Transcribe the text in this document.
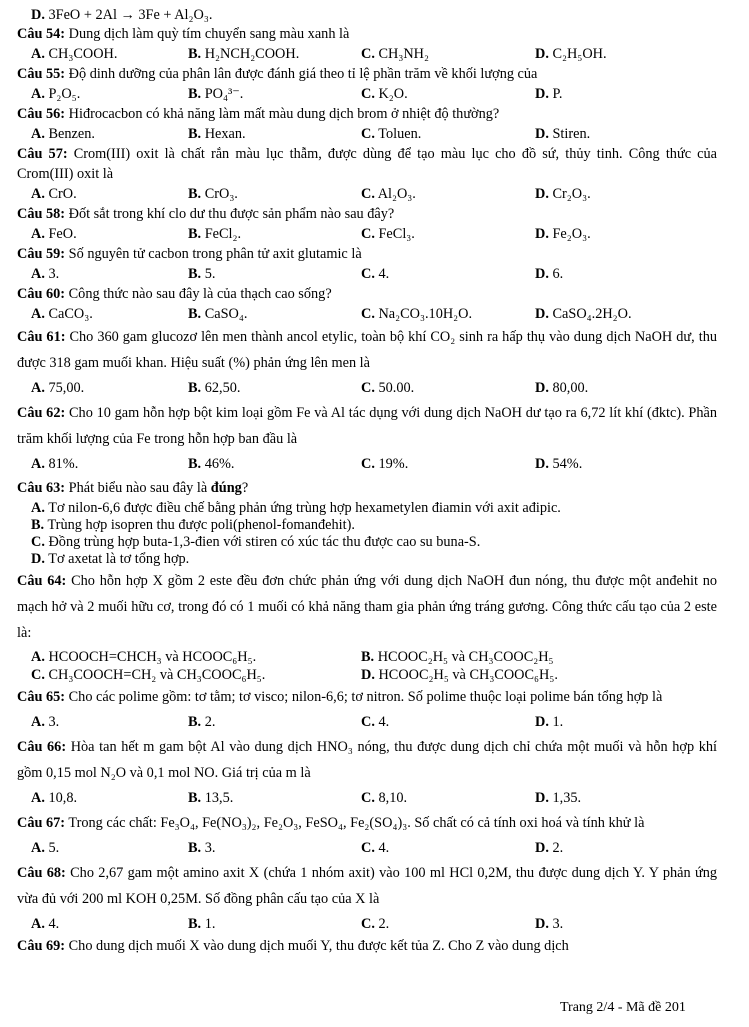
D. 3FeO + 2Al → 3Fe + Al₂O₃.
Câu 54: Dung dịch làm quỳ tím chuyển sang màu xanh là
A. CH₃COOH.	B. H₂NCH₂COOH.	C. CH₃NH₂	D. C₂H₅OH.
Câu 55: Độ dinh dưỡng của phân lân được đánh giá theo tỉ lệ phần trăm về khối lượng của
A. P₂O₅.	B. PO₄³⁻.	C. K₂O.	D. P.
Câu 56: Hiđrocacbon có khả năng làm mất màu dung dịch brom ở nhiệt độ thường?
A. Benzen.	B. Hexan.	C. Toluen.	D. Stiren.
Câu 57: Crom(III) oxit là chất rắn màu lục thẫm, được dùng để tạo màu lục cho đồ sứ, thủy tinh. Công thức của Crom(III) oxit là
A. CrO.	B. CrO₃.	C. Al₂O₃.	D. Cr₂O₃.
Câu 58: Đốt sắt trong khí clo dư thu được sản phẩm nào sau đây?
A. FeO.	B. FeCl₂.	C. FeCl₃.	D. Fe₂O₃.
Câu 59: Số nguyên tử cacbon trong phân tử axit glutamic là
A. 3.	B. 5.	C. 4.	D. 6.
Câu 60: Công thức nào sau đây là của thạch cao sống?
A. CaCO₃.	B. CaSO₄.	C. Na₂CO₃.10H₂O.	D. CaSO₄.2H₂O.
Câu 61: Cho 360 gam glucozơ lên men thành ancol etylic, toàn bộ khí CO₂ sinh ra hấp thụ vào dung dịch NaOH dư, thu được 318 gam muối khan. Hiệu suất (%) phản ứng lên men là
A. 75,00.	B. 62,50.	C. 50.00.	D. 80,00.
Câu 62: Cho 10 gam hỗn hợp bột kim loại gồm Fe và Al tác dụng với dung dịch NaOH dư tạo ra 6,72 lít khí (đktc). Phần trăm khối lượng của Fe trong hỗn hợp ban đầu là
A. 81%.	B. 46%.	C. 19%.	D. 54%.
Câu 63: Phát biểu nào sau đây là đúng?
A. Tơ nilon-6,6 được điều chế bằng phản ứng trùng hợp hexametylen điamin với axit ađipic.
B. Trùng hợp isopren thu được poli(phenol-fomanđehit).
C. Đồng trùng hợp buta-1,3-đien với stiren có xúc tác thu được cao su buna-S.
D. Tơ axetat là tơ tổng hợp.
Câu 64: Cho hỗn hợp X gồm 2 este đều đơn chức phản ứng với dung dịch NaOH đun nóng, thu được một anđehit no mạch hở và 2 muối hữu cơ, trong đó có 1 muối có khả năng tham gia phản ứng tráng gương. Công thức cấu tạo của 2 este là:
A. HCOOCH=CHCH₃ và HCOOC₆H₅.	B. HCOOC₂H₅ và CH₃COOC₂H₅
C. CH₃COOCH=CH₂ và CH₃COOC₆H₅.	D. HCOOC₂H₅ và CH₃COOC₆H₅.
Câu 65: Cho các polime gồm: tơ tằm; tơ visco; nilon-6,6; tơ nitron. Số polime thuộc loại polime bán tổng hợp là
A. 3.	B. 2.	C. 4.	D. 1.
Câu 66: Hòa tan hết m gam bột Al vào dung dịch HNO₃ nóng, thu được dung dịch chỉ chứa một muối và hỗn hợp khí gồm 0,15 mol N₂O và 0,1 mol NO. Giá trị của m là
A. 10,8.	B. 13,5.	C. 8,10.	D. 1,35.
Câu 67: Trong các chất: Fe₃O₄, Fe(NO₃)₂, Fe₂O₃, FeSO₄, Fe₂(SO₄)₃. Số chất có cả tính oxi hoá và tính khử là
A. 5.	B. 3.	C. 4.	D. 2.
Câu 68: Cho 2,67 gam một amino axit X (chứa 1 nhóm axit) vào 100 ml HCl 0,2M, thu được dung dịch Y. Y phản ứng vừa đủ với 200 ml KOH 0,25M. Số đồng phân cấu tạo của X là
A. 4.	B. 1.	C. 2.	D. 3.
Câu 69: Cho dung dịch muối X vào dung dịch muối Y, thu được kết tủa Z. Cho Z vào dung dịch
Trang 2/4 - Mã đề 201
